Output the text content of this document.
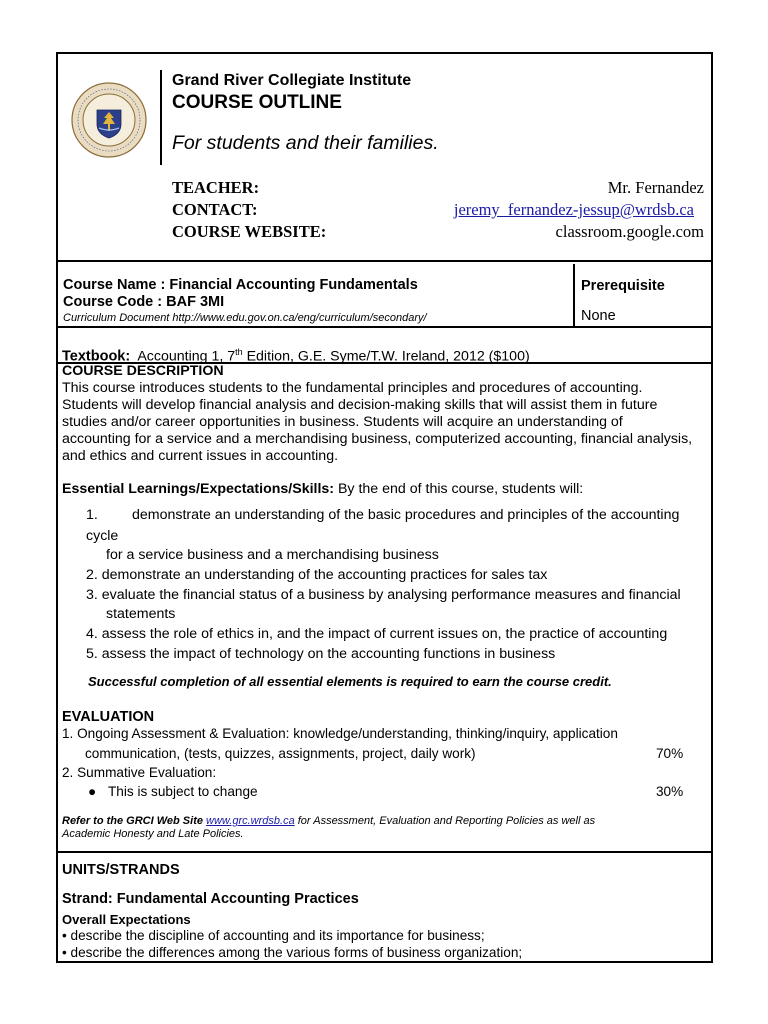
Grand River Collegiate Institute
COURSE OUTLINE
For students and their families.
TEACHER:	Mr. Fernandez
CONTACT:	jeremy_fernandez-jessup@wrdsb.ca
COURSE WEBSITE:	classroom.google.com
Course Name : Financial Accounting Fundamentals
Course Code : BAF 3MI
Curriculum Document http://www.edu.gov.on.ca/eng/curriculum/secondary/
Prerequisite
None
Textbook: Accounting 1, 7th Edition, G.E. Syme/T.W. Ireland, 2012 ($100)
COURSE DESCRIPTION
This course introduces students to the fundamental principles and procedures of accounting.
Students will develop financial analysis and decision-making skills that will assist them in future
studies and/or career opportunities in business. Students will acquire an understanding of
accounting for a service and a merchandising business, computerized accounting, financial analysis,
and ethics and current issues in accounting.
Essential Learnings/Expectations/Skills: By the end of this course, students will:
1. demonstrate an understanding of the basic procedures and principles of the accounting
cycle
for a service business and a merchandising business
2. demonstrate an understanding of the accounting practices for sales tax
3. evaluate the financial status of a business by analysing performance measures and financial
statements
4. assess the role of ethics in, and the impact of current issues on, the practice of accounting
5. assess the impact of technology on the accounting functions in business
Successful completion of all essential elements is required to earn the course credit.
EVALUATION
1. Ongoing Assessment & Evaluation: knowledge/understanding, thinking/inquiry, application
communication, (tests, quizzes, assignments, project, daily work)	70%
2. Summative Evaluation:
● This is subject to change	30%
Refer to the GRCI Web Site www.grc.wrdsb.ca for Assessment, Evaluation and Reporting Policies as well as
Academic Honesty and Late Policies.
UNITS/STRANDS
Strand: Fundamental Accounting Practices
Overall Expectations
• describe the discipline of accounting and its importance for business;
• describe the differences among the various forms of business organization;
